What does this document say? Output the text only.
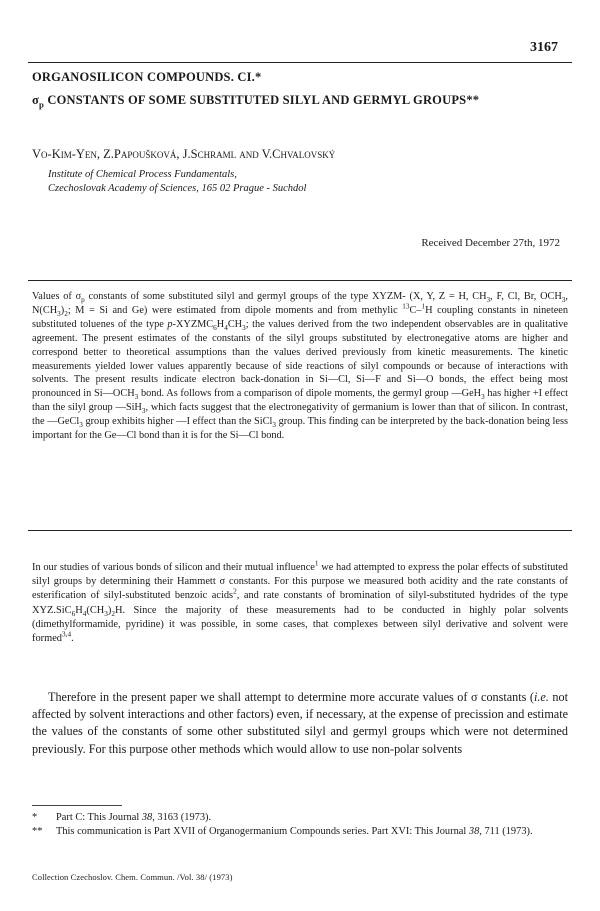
3167
ORGANOSILICON COMPOUNDS. CI.*
$\sigma_p$ CONSTANTS OF SOME SUBSTITUTED SILYL AND GERMYL GROUPS**
Vo-Kim-Yen, Z.Papoušková, J.Schraml and V.Chvalovský
Institute of Chemical Process Fundamentals,
Czechoslovak Academy of Sciences, 165 02 Prague - Suchdol
Received December 27th, 1972

Values of $\sigma_p$ constants of some substituted silyl and germyl groups of the type XYZM- (X, Y, Z = H, $CH_3$, F, Cl, Br, $OCH_3$, $N(CH_3)_2$; M = Si and Ge) were estimated from dipole moments and from methylic $^{13}$C–$^1$H coupling constants in nineteen substituted toluenes of the type $p-XYZMC_6H_4CH_3$; the values derived from the two independent observables are in qualitative agreement. The present estimates of the constants of the silyl groups substituted by electronegative atoms are higher and correspond better to theoretical assumptions than the values derived previously from kinetic measurements. The kinetic measurements yielded lower values apparently because of side reactions of silyl compounds or because of interactions with solvents. The present results indicate electron back-donation in Si—Cl, Si—F and Si—O bonds, the effect being most pronounced in $Si—OCH_3$ bond. As follows from a comparison of dipole moments, the germyl group —GeH$_3$ has higher +I effect than the silyl group —SiH$_3$, which facts suggest that the electronegativity of germanium is lower than that of silicon. In contrast, the —GeCl$_3$ group exhibits higher —I effect than the SiCl$_3$ group. This finding can be interpreted by the back-donation being less important for the Ge—Cl bond than it is for the Si—Cl bond.

In our studies of various bonds of silicon and their mutual influence$^1$ we had attempted to express the polar effects of substituted silyl groups by determining their Hammett σ constants. For this purpose we measured both acidity and the rate constants of esterification of silyl-substituted benzoic acids$^2$, and rate constants of bromination of silyl-substituted hydrides of the type $XYZ.SiC_6H_4(CH_3)_2H$. Since the majority of these measurements had to be conducted in highly polar solvents (dimethylformamide, pyridine) it was possible, in some cases, that complexes between silyl derivative and solvent were formed$^{3,4}$.

Therefore in the present paper we shall attempt to determine more accurate values of σ constants (i.e. not affected by solvent interactions and other factors) even, if necessary, at the expense of precission and estimate the values of the constants of some other substituted silyl and germyl groups which were not determined previously. For this purpose other methods which would allow to use non-polar solvents

*	Part C: This Journal 38, 3163 (1973).
**	This communication is Part XVII of Organogermanium Compounds series. Part XVI: This Journal 38, 711 (1973).
Collection Czechoslov. Chem. Commun. /Vol. 38/ (1973)
